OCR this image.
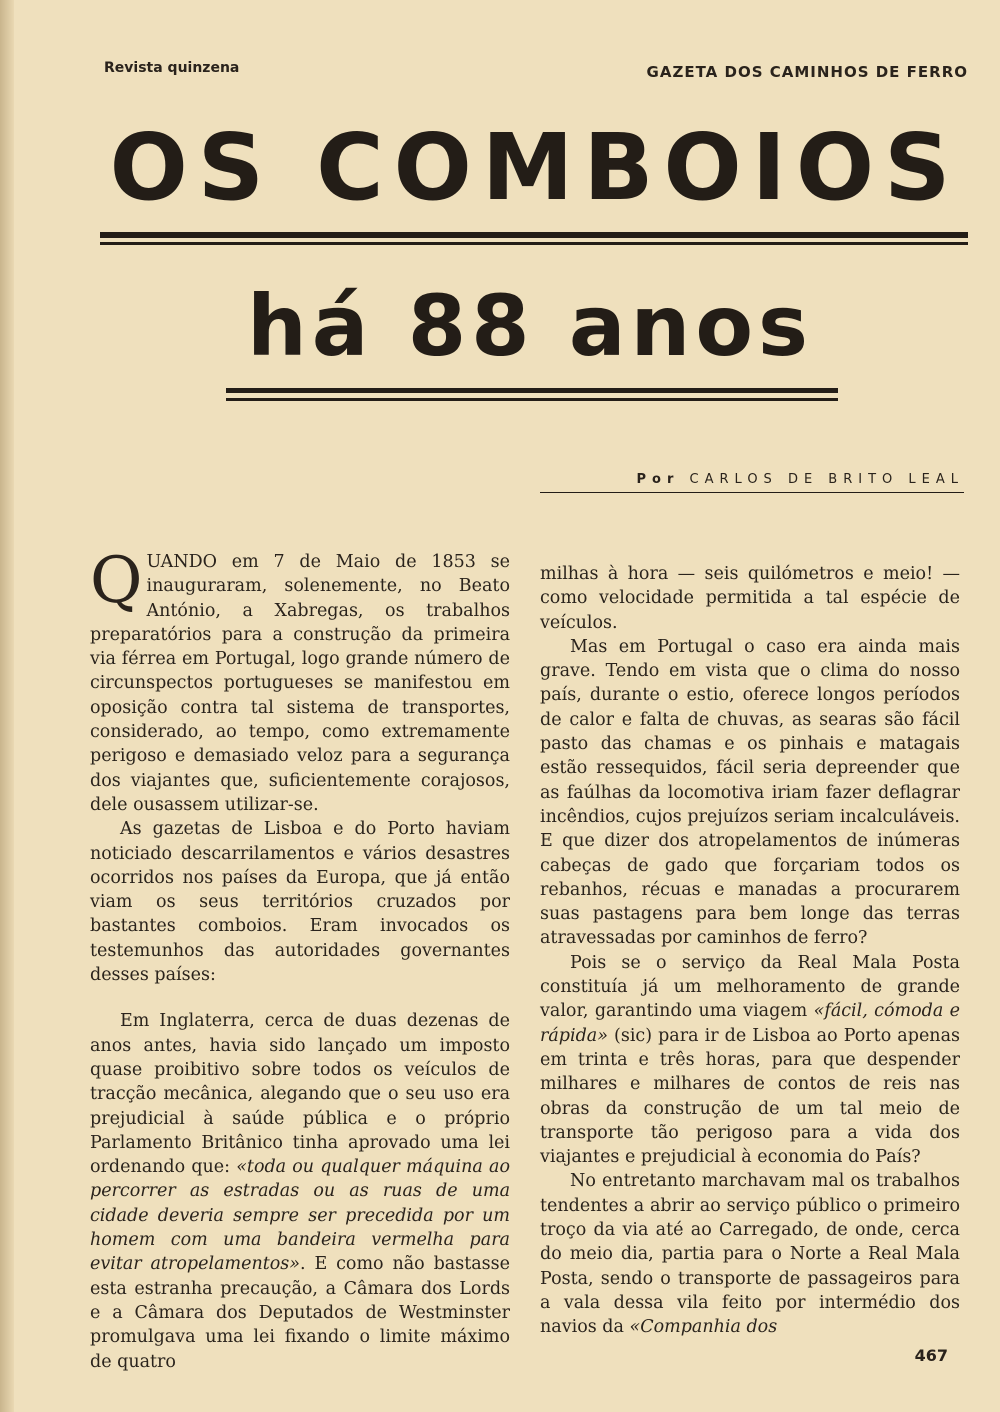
Revista quinzena	GAZETA DOS CAMINHOS DE FERRO
OS COMBOIOS
há 88 anos
Por CARLOS DE BRITO LEAL

QUANDO em 7 de Maio de 1853 se inauguraram, solenemente, no Beato António, a Xabregas, os trabalhos preparatórios para a construção da primeira via férrea em Portugal, logo grande número de circunspectos portugueses se manifestou em oposição contra tal sistema de transportes, considerado, ao tempo, como extremamente perigoso e demasiado veloz para a segurança dos viajantes que, suficientemente corajosos, dele ousassem utilizar-se.

As gazetas de Lisboa e do Porto haviam noticiado descarrilamentos e vários desastres ocorridos nos países da Europa, que já então viam os seus territórios cruzados por bastantes comboios. Eram invocados os testemunhos das autoridades governantes desses países:

Em Inglaterra, cerca de duas dezenas de anos antes, havia sido lançado um imposto quase proibitivo sobre todos os veículos de tracção mecânica, alegando que o seu uso era prejudicial à saúde pública e o próprio Parlamento Britânico tinha aprovado uma lei ordenando que: «toda ou qualquer máquina ao percorrer as estradas ou as ruas de uma cidade deveria sempre ser precedida por um homem com uma bandeira vermelha para evitar atropelamentos». E como não bastasse esta estranha precaução, a Câmara dos Lords e a Câmara dos Deputados de Westminster promulgava uma lei fixando o limite máximo de quatro

milhas à hora — seis quilómetros e meio! — como velocidade permitida a tal espécie de veículos.

Mas em Portugal o caso era ainda mais grave. Tendo em vista que o clima do nosso país, durante o estio, oferece longos períodos de calor e falta de chuvas, as searas são fácil pasto das chamas e os pinhais e matagais estão ressequidos, fácil seria depreender que as faúlhas da locomotiva iriam fazer deflagrar incêndios, cujos prejuízos seriam incalculáveis. E que dizer dos atropelamentos de inúmeras cabeças de gado que forçariam todos os rebanhos, récuas e manadas a procurarem suas pastagens para bem longe das terras atravessadas por caminhos de ferro?

Pois se o serviço da Real Mala Posta constituía já um melhoramento de grande valor, garantindo uma viagem «fácil, cómoda e rápida» (sic) para ir de Lisboa ao Porto apenas em trinta e três horas, para que despender milhares e milhares de contos de reis nas obras da construção de um tal meio de transporte tão perigoso para a vida dos viajantes e prejudicial à economia do País?

No entretanto marchavam mal os trabalhos tendentes a abrir ao serviço público o primeiro troço da via até ao Carregado, de onde, cerca do meio dia, partia para o Norte a Real Mala Posta, sendo o transporte de passageiros para a vala dessa vila feito por intermédio dos navios da «Companhia dos

467
